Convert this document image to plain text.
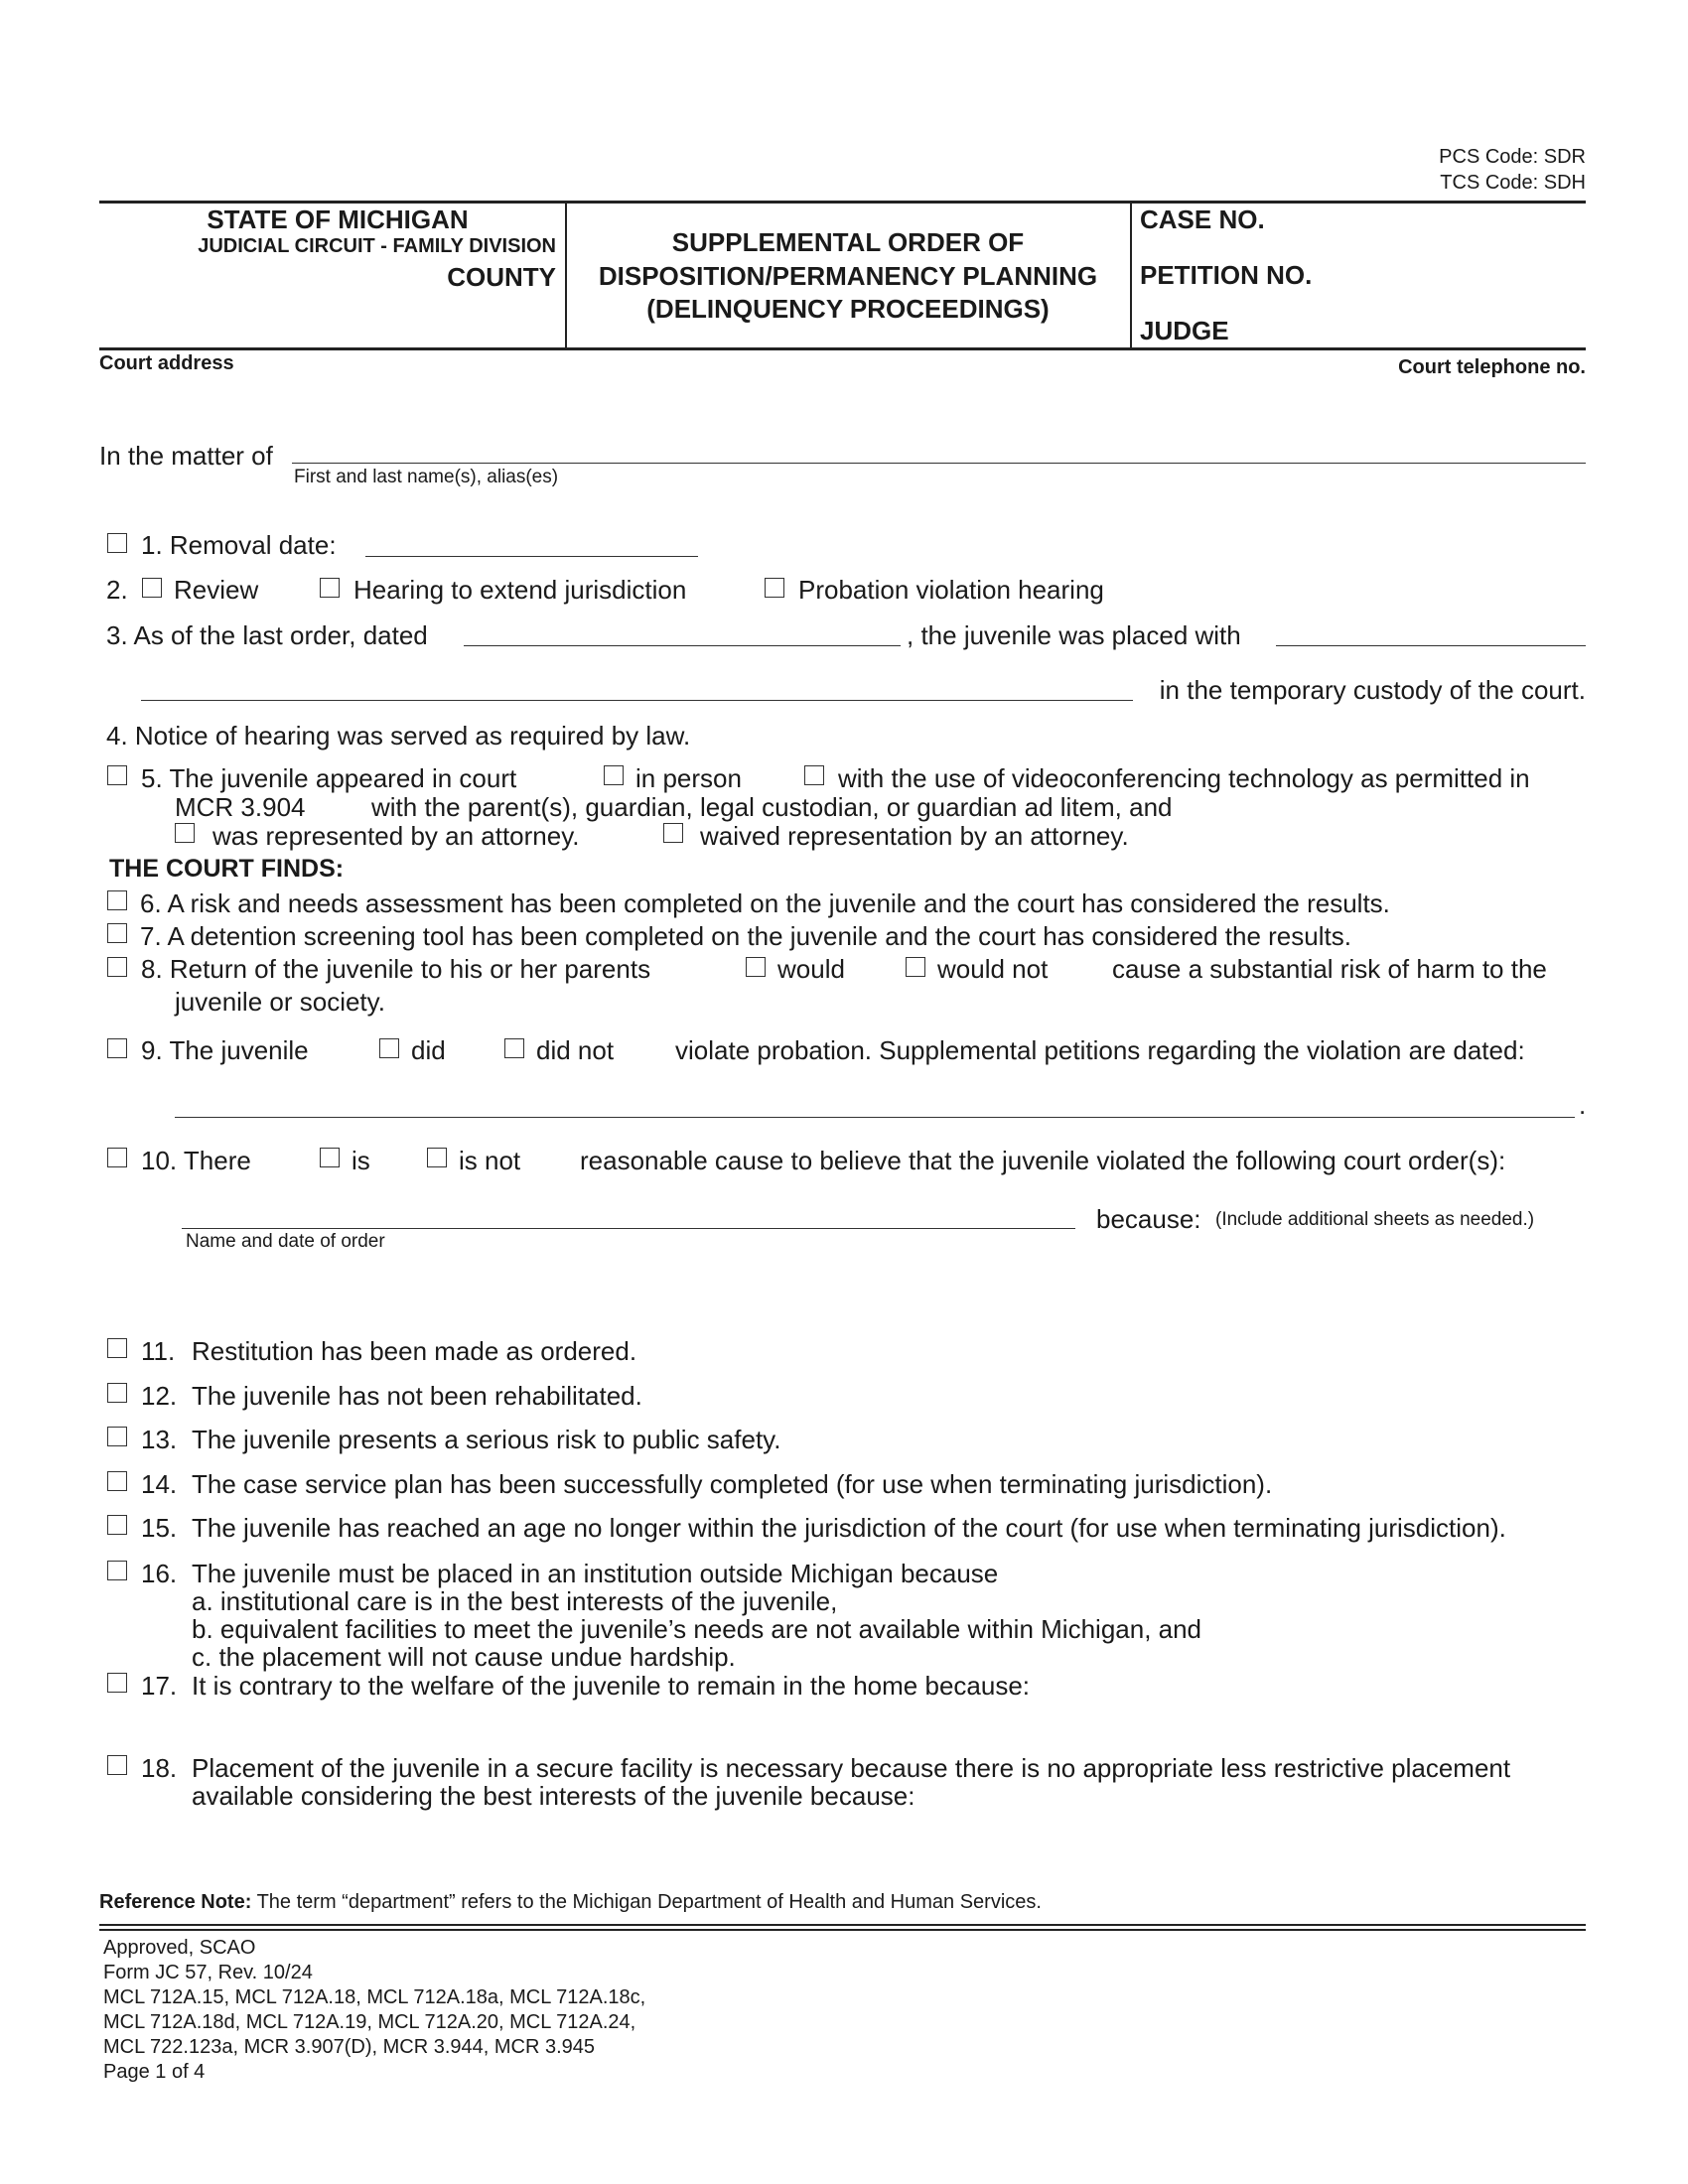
PCS Code: SDR
TCS Code: SDH
STATE OF MICHIGAN
JUDICIAL CIRCUIT - FAMILY DIVISION
COUNTY
SUPPLEMENTAL ORDER OF
DISPOSITION/PERMANENCY PLANNING
(DELINQUENCY PROCEEDINGS)
CASE NO.
PETITION NO.
JUDGE
Court address	Court telephone no.
In the matter of
First and last name(s), alias(es)
1. Removal date:
2. Review	Hearing to extend jurisdiction	Probation violation hearing
3. As of the last order, dated	, the juvenile was placed with
in the temporary custody of the court.
4. Notice of hearing was served as required by law.
5. The juvenile appeared in court	in person	with the use of videoconferencing technology as permitted in
MCR 3.904	with the parent(s), guardian, legal custodian, or guardian ad litem, and
was represented by an attorney.	waived representation by an attorney.
THE COURT FINDS:
6. A risk and needs assessment has been completed on the juvenile and the court has considered the results.
7. A detention screening tool has been completed on the juvenile and the court has considered the results.
8. Return of the juvenile to his or her parents	would	would not cause a substantial risk of harm to the
juvenile or society.
9. The juvenile	did	did not violate probation. Supplemental petitions regarding the violation are dated:
.
10. There	is	is not reasonable cause to believe that the juvenile violated the following court order(s):
because: (Include additional sheets as needed.)
Name and date of order
11. Restitution has been made as ordered.
12. The juvenile has not been rehabilitated.
13. The juvenile presents a serious risk to public safety.
14. The case service plan has been successfully completed (for use when terminating jurisdiction).
15. The juvenile has reached an age no longer within the jurisdiction of the court (for use when terminating jurisdiction).
16. The juvenile must be placed in an institution outside Michigan because
a. institutional care is in the best interests of the juvenile,
b. equivalent facilities to meet the juvenile’s needs are not available within Michigan, and
c. the placement will not cause undue hardship.
17. It is contrary to the welfare of the juvenile to remain in the home because:
18. Placement of the juvenile in a secure facility is necessary because there is no appropriate less restrictive placement
available considering the best interests of the juvenile because:
Reference Note: The term “department” refers to the Michigan Department of Health and Human Services.
Approved, SCAO
Form JC 57, Rev. 10/24
MCL 712A.15, MCL 712A.18, MCL 712A.18a, MCL 712A.18c,
MCL 712A.18d, MCL 712A.19, MCL 712A.20, MCL 712A.24,
MCL 722.123a, MCR 3.907(D), MCR 3.944, MCR 3.945
Page 1 of 4
